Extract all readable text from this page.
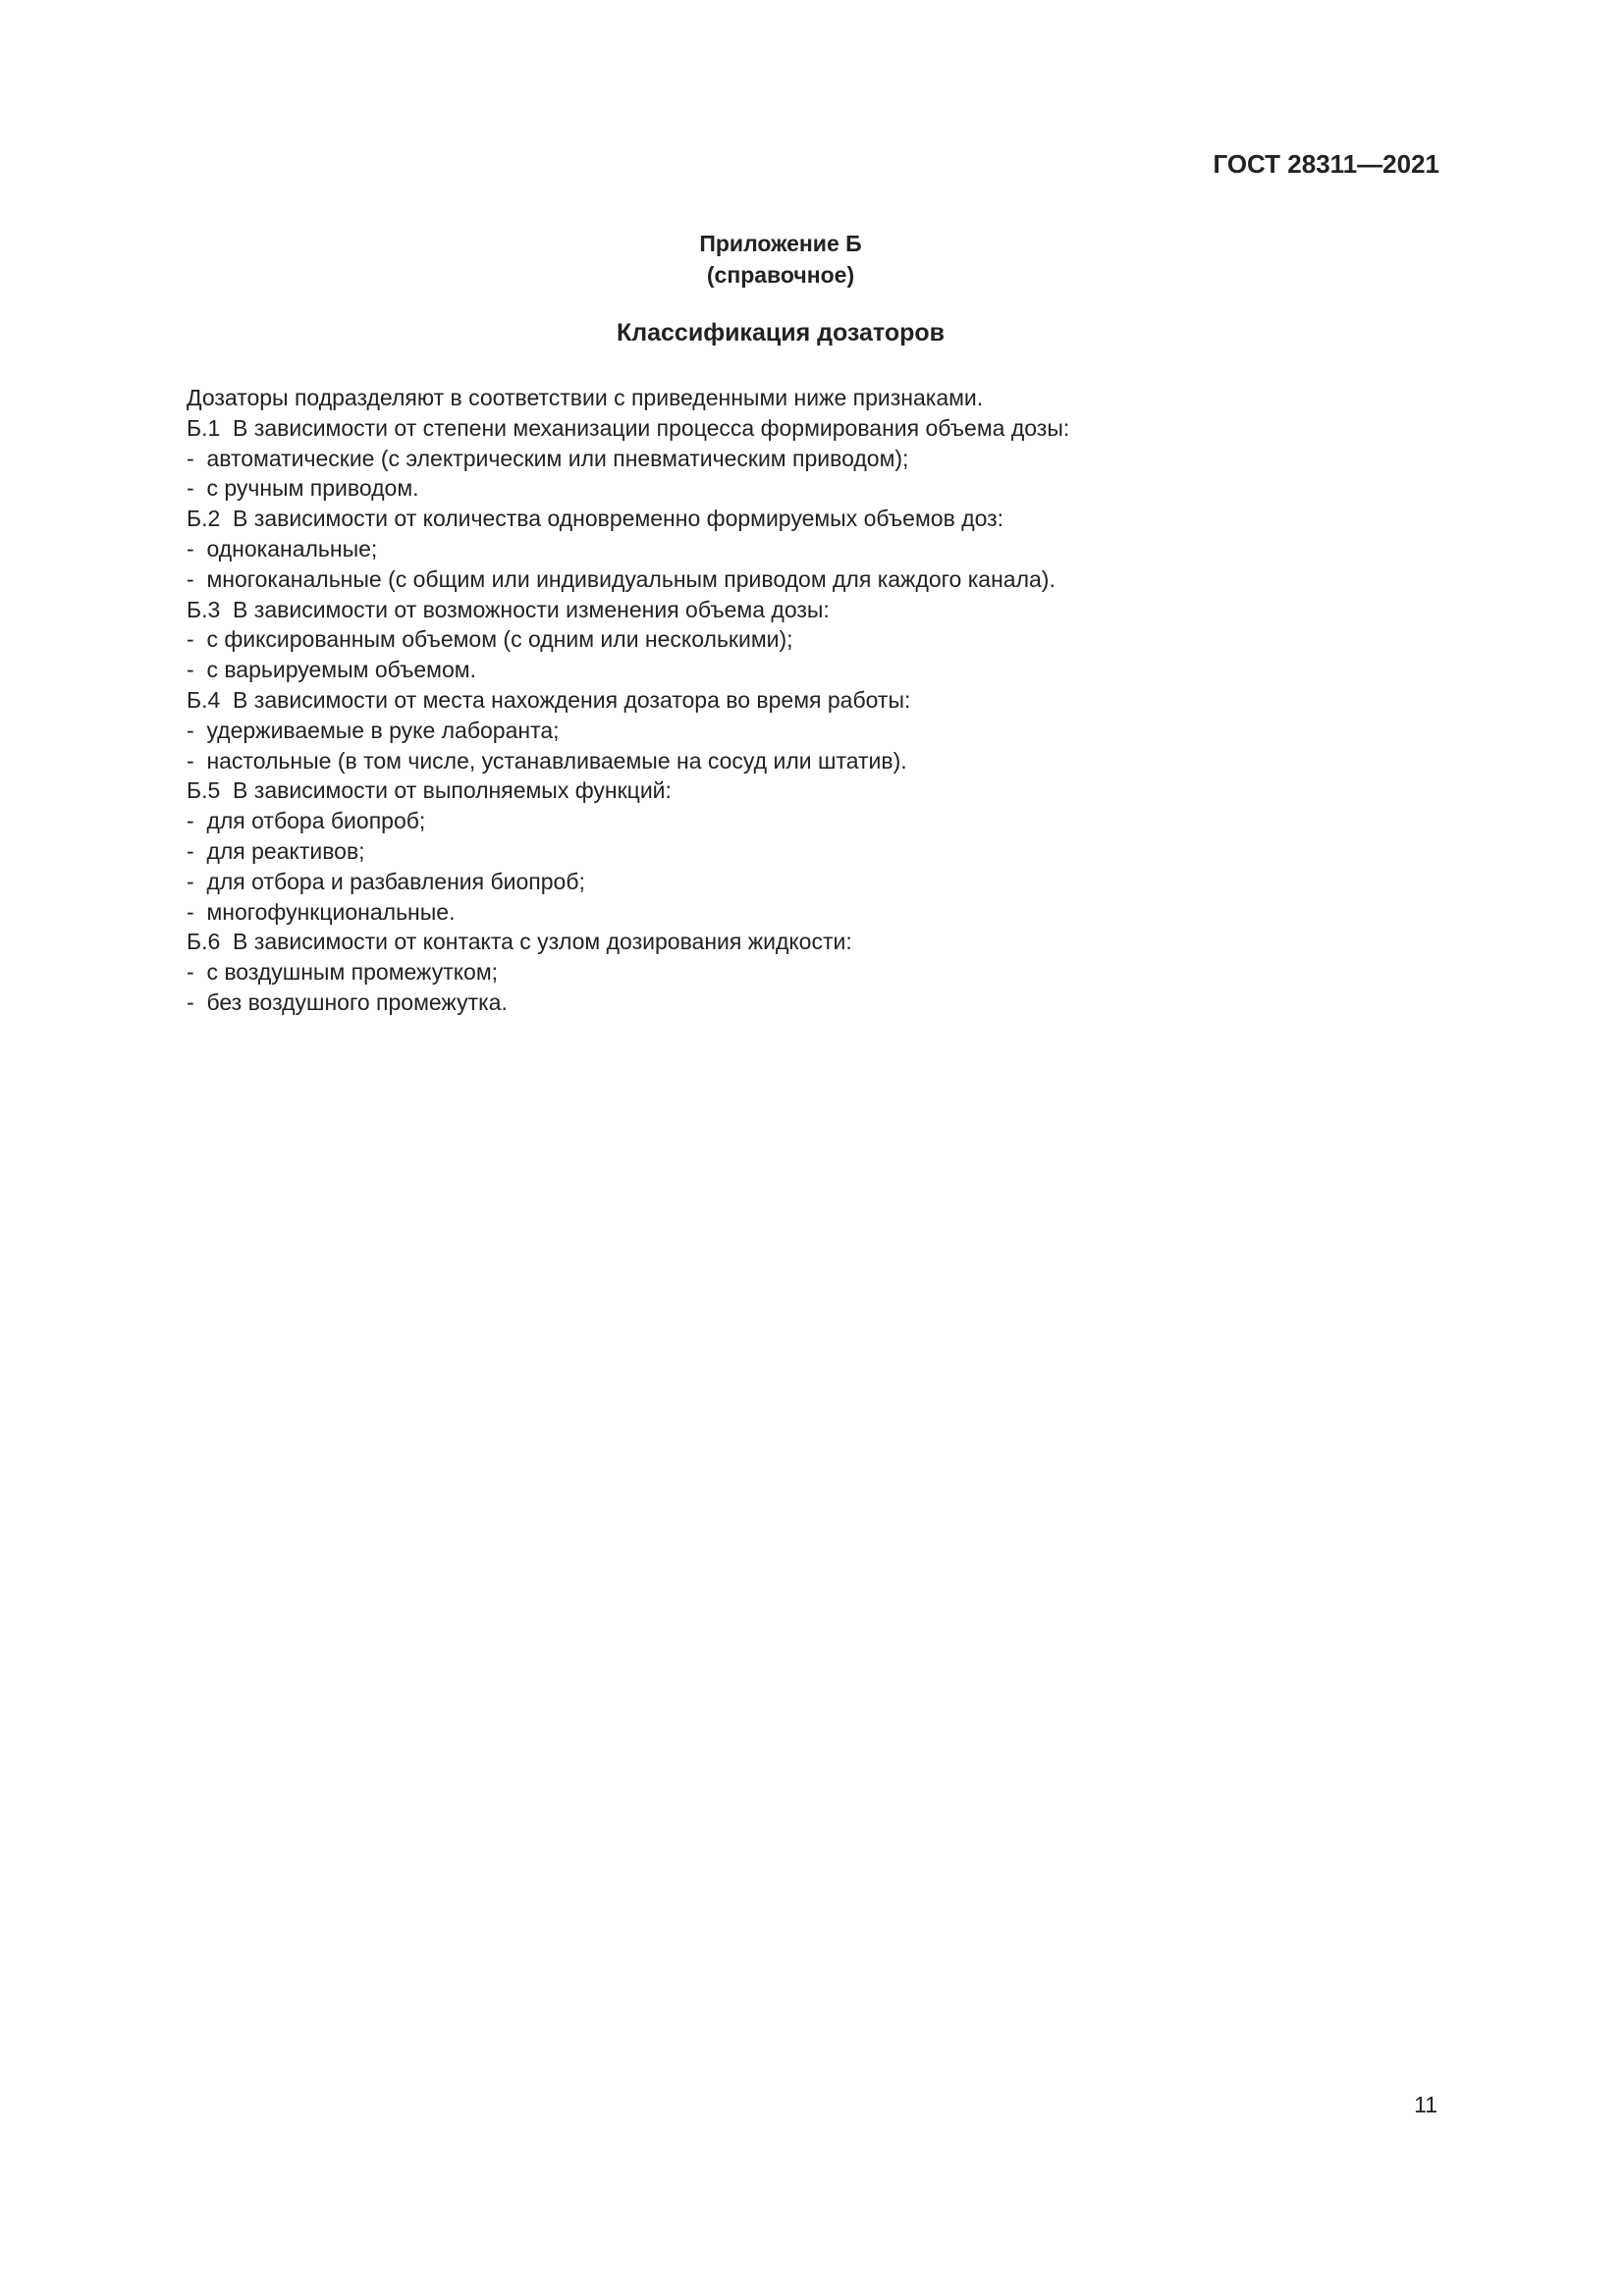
ГОСТ 28311—2021
Приложение Б
(справочное)
Классификация дозаторов
Дозаторы подразделяют в соответствии с приведенными ниже признаками.
Б.1  В зависимости от степени механизации процесса формирования объема дозы:
-  автоматические (с электрическим или пневматическим приводом);
-  с ручным приводом.
Б.2  В зависимости от количества одновременно формируемых объемов доз:
-  одноканальные;
-  многоканальные (с общим или индивидуальным приводом для каждого канала).
Б.3  В зависимости от возможности изменения объема дозы:
-  с фиксированным объемом (с одним или несколькими);
-  с варьируемым объемом.
Б.4  В зависимости от места нахождения дозатора во время работы:
-  удерживаемые в руке лаборанта;
-  настольные (в том числе, устанавливаемые на сосуд или штатив).
Б.5  В зависимости от выполняемых функций:
-  для отбора биопроб;
-  для реактивов;
-  для отбора и разбавления биопроб;
-  многофункциональные.
Б.6  В зависимости от контакта с узлом дозирования жидкости:
-  с воздушным промежутком;
-  без воздушного промежутка.
11
